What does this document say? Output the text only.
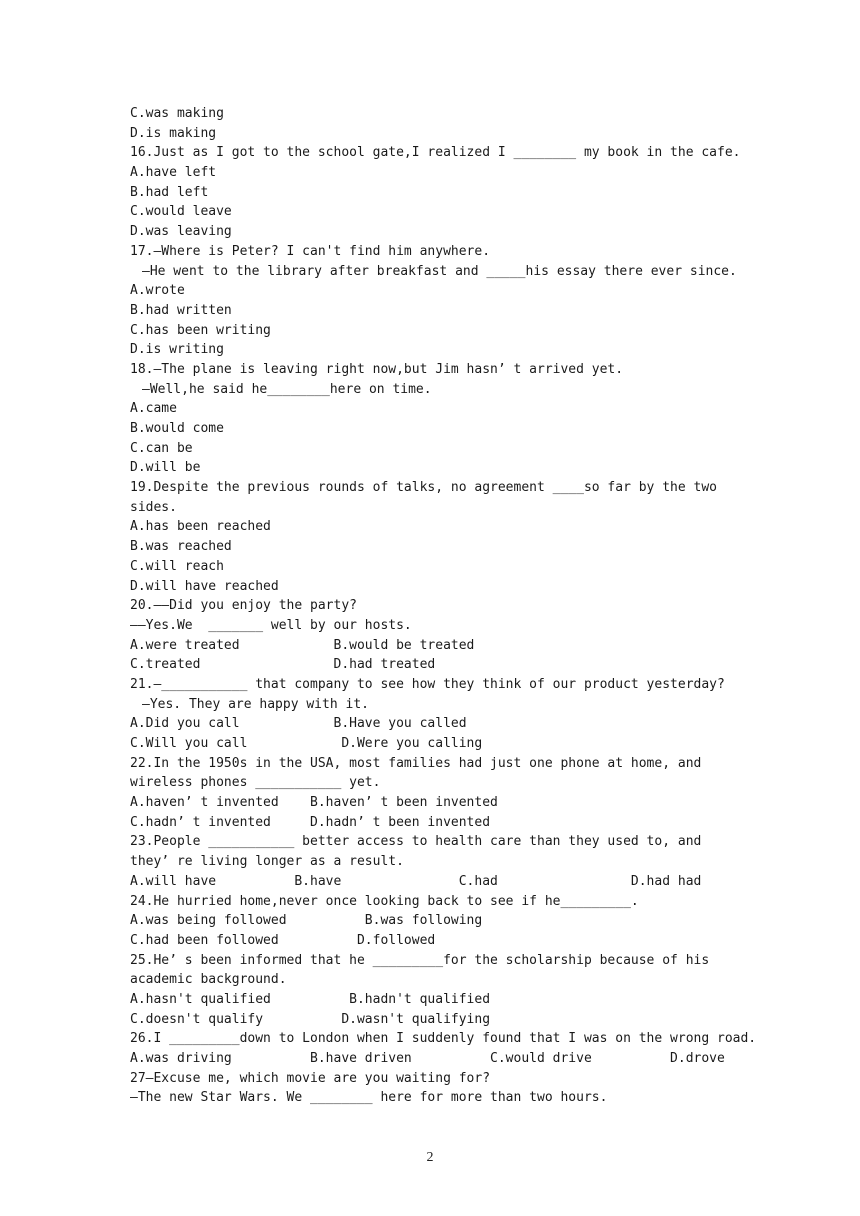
C.was making
D.is making
16.Just as I got to the school gate,I realized I ________ my book in the cafe.
A.have left
B.had left
C.would leave
D.was leaving
17.—Where is Peter? I can't find him anywhere.
—He went to the library after breakfast and _____his essay there ever since.
A.wrote
B.had written
C.has been writing
D.is writing
18.—The plane is leaving right now,but Jim hasn’ t arrived yet.
—Well,he said he________here on time.
A.came
B.would come
C.can be
D.will be
19.Despite the previous rounds of talks, no agreement ____so far by the two
sides.
A.has been reached
B.was reached
C.will reach
D.will have reached
20.——Did you enjoy the party?
——Yes.We  _______ well by our hosts.
A.were treated            B.would be treated
C.treated                 D.had treated
21.—___________ that company to see how they think of our product yesterday?
—Yes. They are happy with it.
A.Did you call            B.Have you called
C.Will you call            D.Were you calling
22.In the 1950s in the USA, most families had just one phone at home, and
wireless phones ___________ yet.
A.haven’ t invented    B.haven’ t been invented
C.hadn’ t invented     D.hadn’ t been invented
23.People ___________ better access to health care than they used to, and
they’ re living longer as a result.
A.will have          B.have               C.had                 D.had had
24.He hurried home,never once looking back to see if he_________.
A.was being followed          B.was following
C.had been followed          D.followed
25.He’ s been informed that he _________for the scholarship because of his
academic background.
A.hasn't qualified          B.hadn't qualified
C.doesn't qualify          D.wasn't qualifying
26.I _________down to London when I suddenly found that I was on the wrong road.
A.was driving          B.have driven          C.would drive          D.drove
27—Excuse me, which movie are you waiting for?
—The new Star Wars. We ________ here for more than two hours.
2
